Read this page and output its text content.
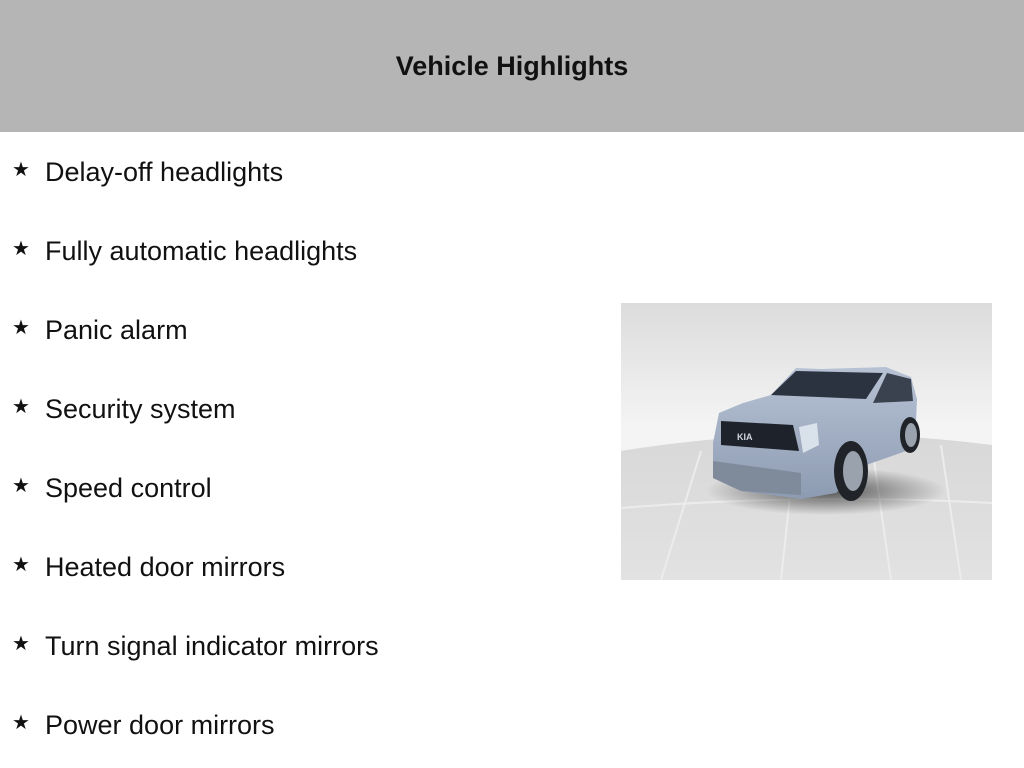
Vehicle Highlights
★ Delay-off headlights
★ Fully automatic headlights
★ Panic alarm
★ Security system
★ Speed control
★ Heated door mirrors
★ Turn signal indicator mirrors
★ Power door mirrors
KIA
